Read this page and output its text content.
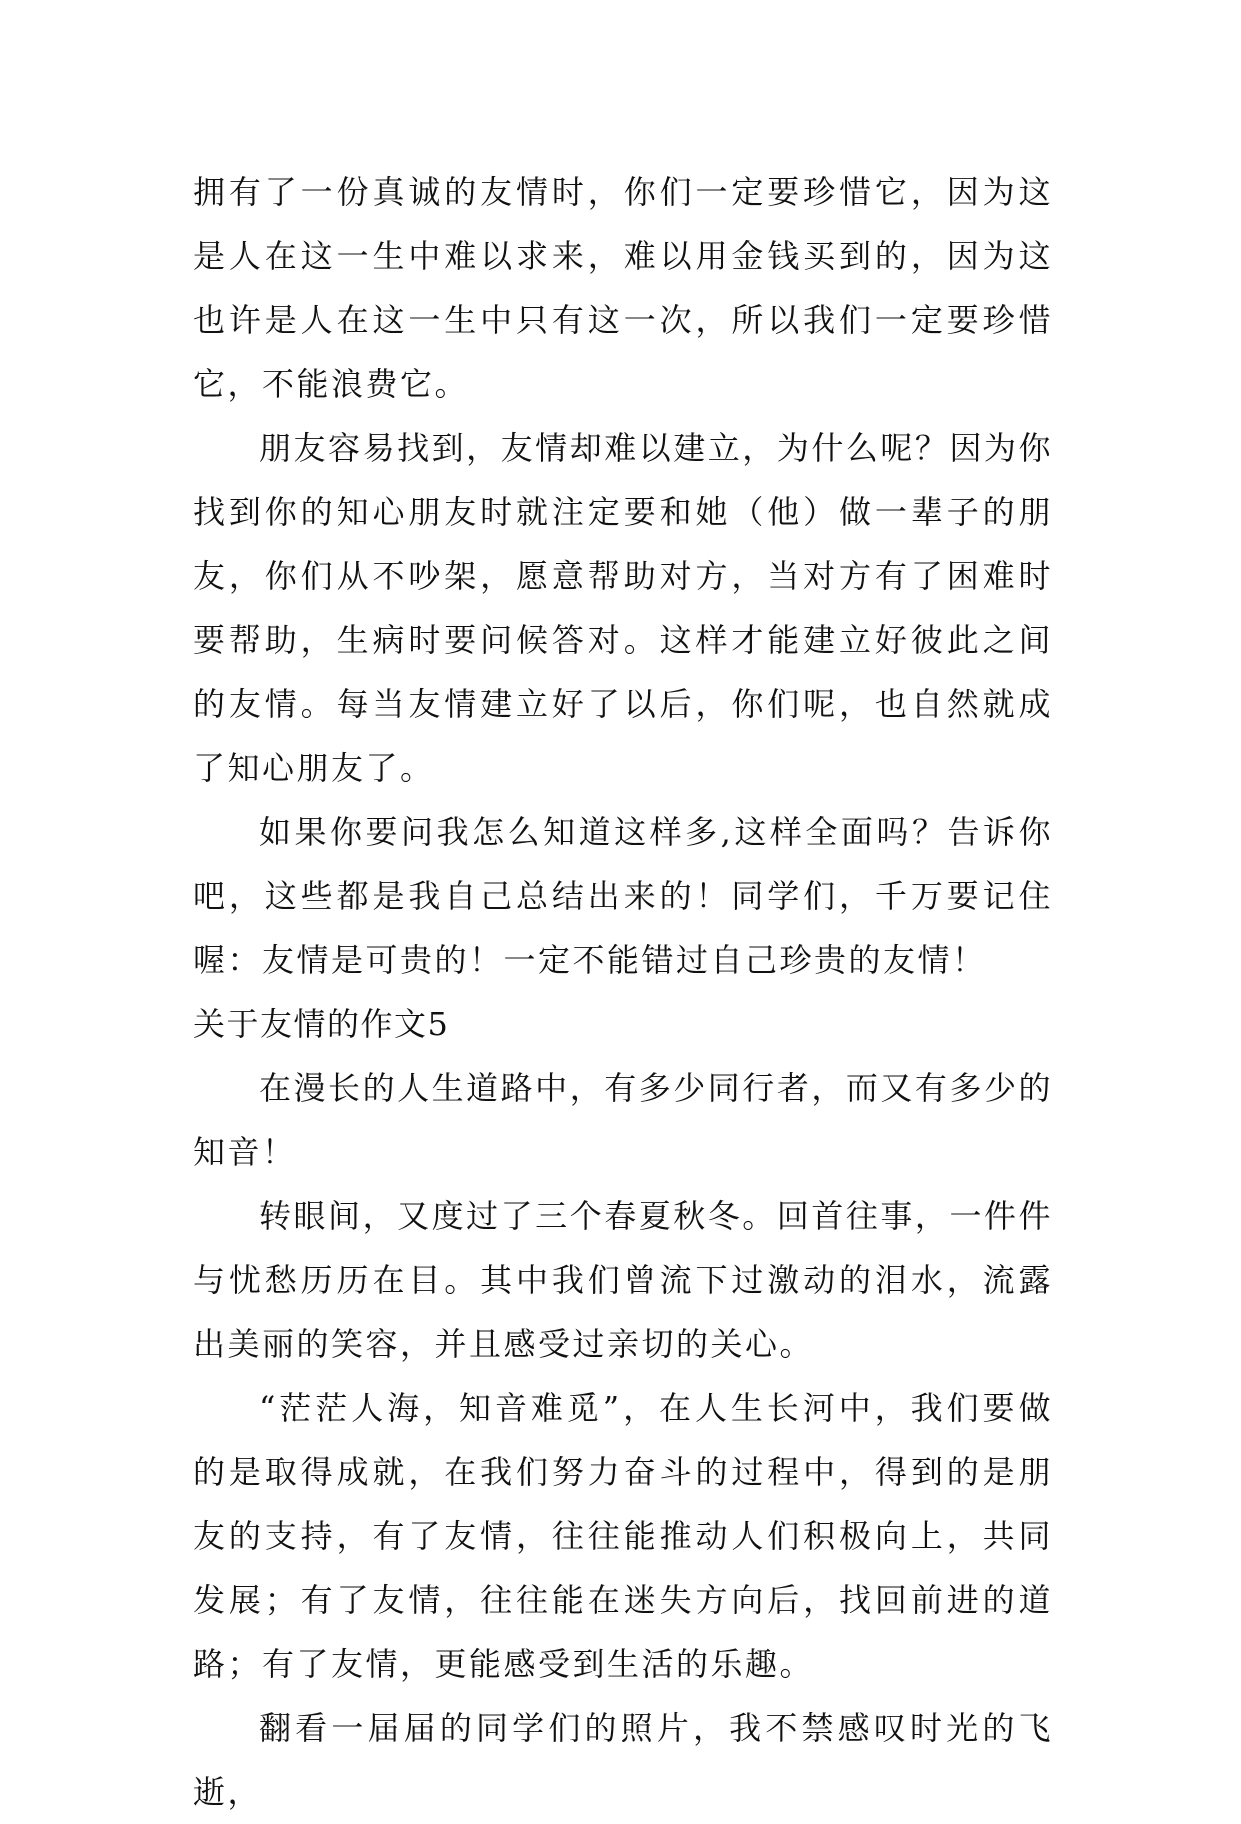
拥有了一份真诚的友情时，你们一定要珍惜它，因为这是人在这一生中难以求来，难以用金钱买到的，因为这也许是人在这一生中只有这一次，所以我们一定要珍惜它，不能浪费它。

朋友容易找到，友情却难以建立，为什么呢？因为你找到你的知心朋友时就注定要和她（他）做一辈子的朋友，你们从不吵架，愿意帮助对方，当对方有了困难时要帮助，生病时要问候答对。这样才能建立好彼此之间的友情。每当友情建立好了以后，你们呢，也自然就成了知心朋友了。

如果你要问我怎么知道这样多,这样全面吗？告诉你吧，这些都是我自己总结出来的！同学们，千万要记住喔：友情是可贵的！一定不能错过自己珍贵的友情！

关于友情的作文5

在漫长的人生道路中，有多少同行者，而又有多少的知音！

转眼间，又度过了三个春夏秋冬。回首往事，一件件与忧愁历历在目。其中我们曾流下过激动的泪水，流露出美丽的笑容，并且感受过亲切的关心。

“茫茫人海，知音难觅”，在人生长河中，我们要做的是取得成就，在我们努力奋斗的过程中，得到的是朋友的支持，有了友情，往往能推动人们积极向上，共同发展；有了友情，往往能在迷失方向后，找回前进的道路；有了友情，更能感受到生活的乐趣。

翻看一届届的同学们的照片，我不禁感叹时光的飞逝，
